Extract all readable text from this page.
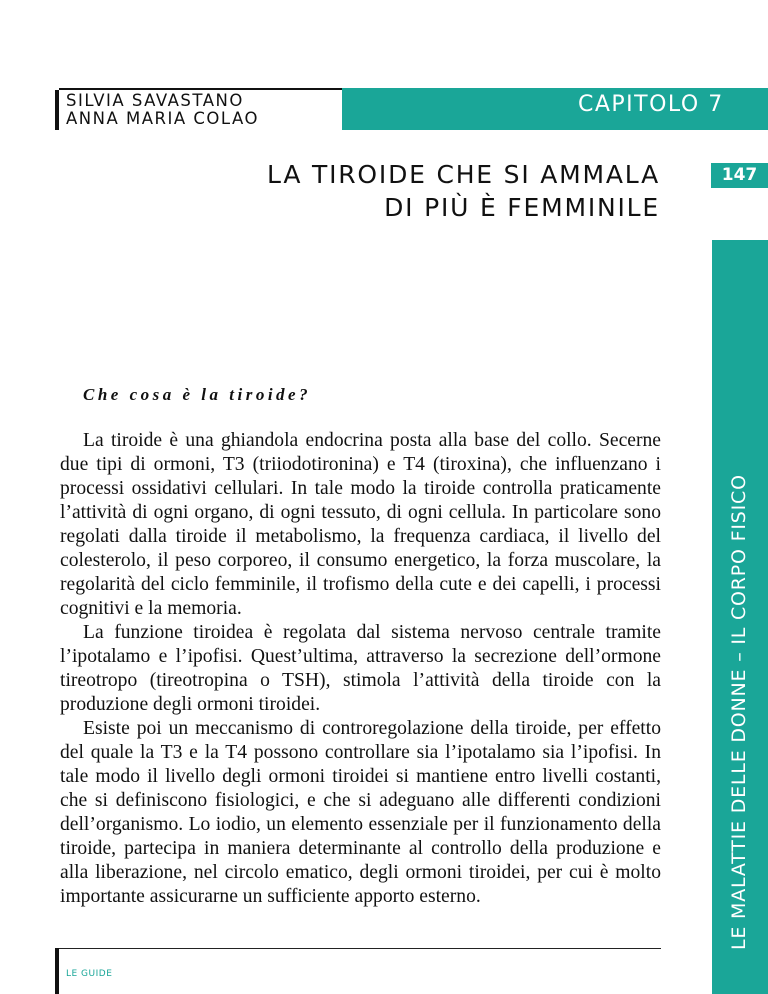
SILVIA SAVASTANO
ANNA MARIA COLAO
CAPITOLO 7
LA TIROIDE CHE SI AMMALA
DI PIÙ È FEMMINILE
147
LE MALATTIE DELLE DONNE – IL CORPO FISICO
Che cosa è la tiroide?

La tiroide è una ghiandola endocrina posta alla base del collo. Secerne due tipi di ormoni, T3 (triiodotironina) e T4 (tiroxina), che influenzano i processi ossidativi cellulari. In tale modo la tiroide controlla praticamente l’attività di ogni organo, di ogni tessuto, di ogni cellula. In particolare sono regolati dalla tiroide il metabolismo, la frequenza cardiaca, il livello del colesterolo, il peso corporeo, il consumo energetico, la forza muscolare, la regolarità del ciclo femminile, il trofismo della cute e dei capelli, i processi cognitivi e la memoria.

La funzione tiroidea è regolata dal sistema nervoso centrale tramite l’ipotalamo e l’ipofisi. Quest’ultima, attraverso la secrezione dell’ormone tireotropo (tireotropina o TSH), stimola l’attività della tiroide con la produzione degli ormoni tiroidei.

Esiste poi un meccanismo di controregolazione della tiroide, per effetto del quale la T3 e la T4 possono controllare sia l’ipotalamo sia l’ipofisi. In tale modo il livello degli ormoni tiroidei si mantiene entro livelli costanti, che si definiscono fisiologici, e che si adeguano alle differenti condizioni dell’organismo. Lo iodio, un elemento essenziale per il funzionamento della tiroide, partecipa in maniera determinante al controllo della produzione e alla liberazione, nel circolo ematico, degli ormoni tiroidei, per cui è molto importante assicurarne un sufficiente apporto esterno.

LE GUIDE
